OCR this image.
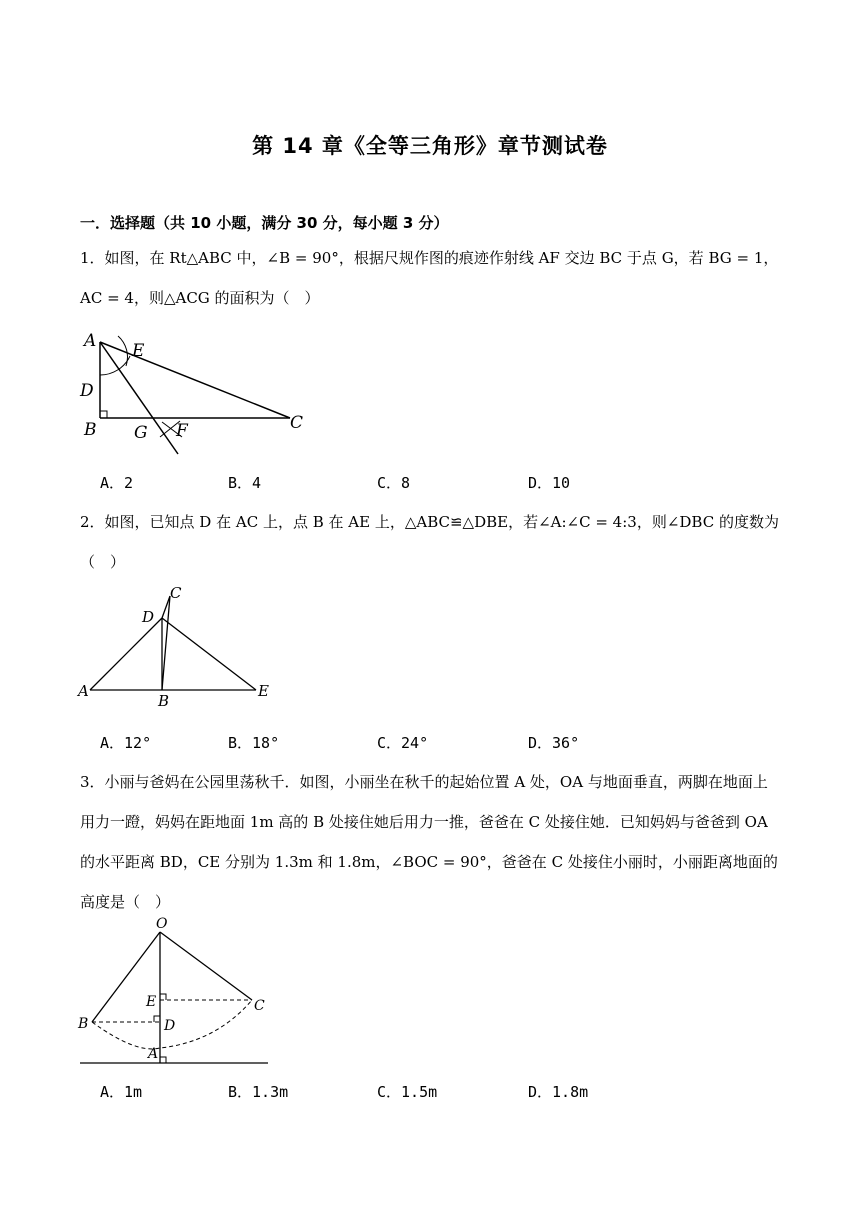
第 14 章《全等三角形》章节测试卷
一．选择题（共 10 小题，满分 30 分，每小题 3 分）

1．如图，在 Rt△ABC 中，∠B = 90°，根据尺规作图的痕迹作射线 AF 交边 BC 于点 G，若 BG = 1，AC = 4，则△ACG 的面积为（　）

A E
D
B G F	C
A．2	B．4	C．8	D．10

2．如图，已知点 D 在 AC 上，点 B 在 AE 上，△ABC≌△DBE，若∠A:∠C = 4:3，则∠DBC 的度数为（　）

C
D
A
B
E
A．12°	B．18°	C．24°	D．36°

3．小丽与爸妈在公园里荡秋千．如图，小丽坐在秋千的起始位置 A 处，OA 与地面垂直，两脚在地面上用力一蹬，妈妈在距地面 1m 高的 B 处接住她后用力一推，爸爸在 C 处接住她．已知妈妈与爸爸到 OA 的水平距离 BD，CE 分别为 1.3m 和 1.8m，∠BOC = 90°，爸爸在 C 处接住小丽时，小丽距离地面的高度是（　）

O
E	C
B	D
A
A．1m	B．1.3m	C．1.5m	D．1.8m
